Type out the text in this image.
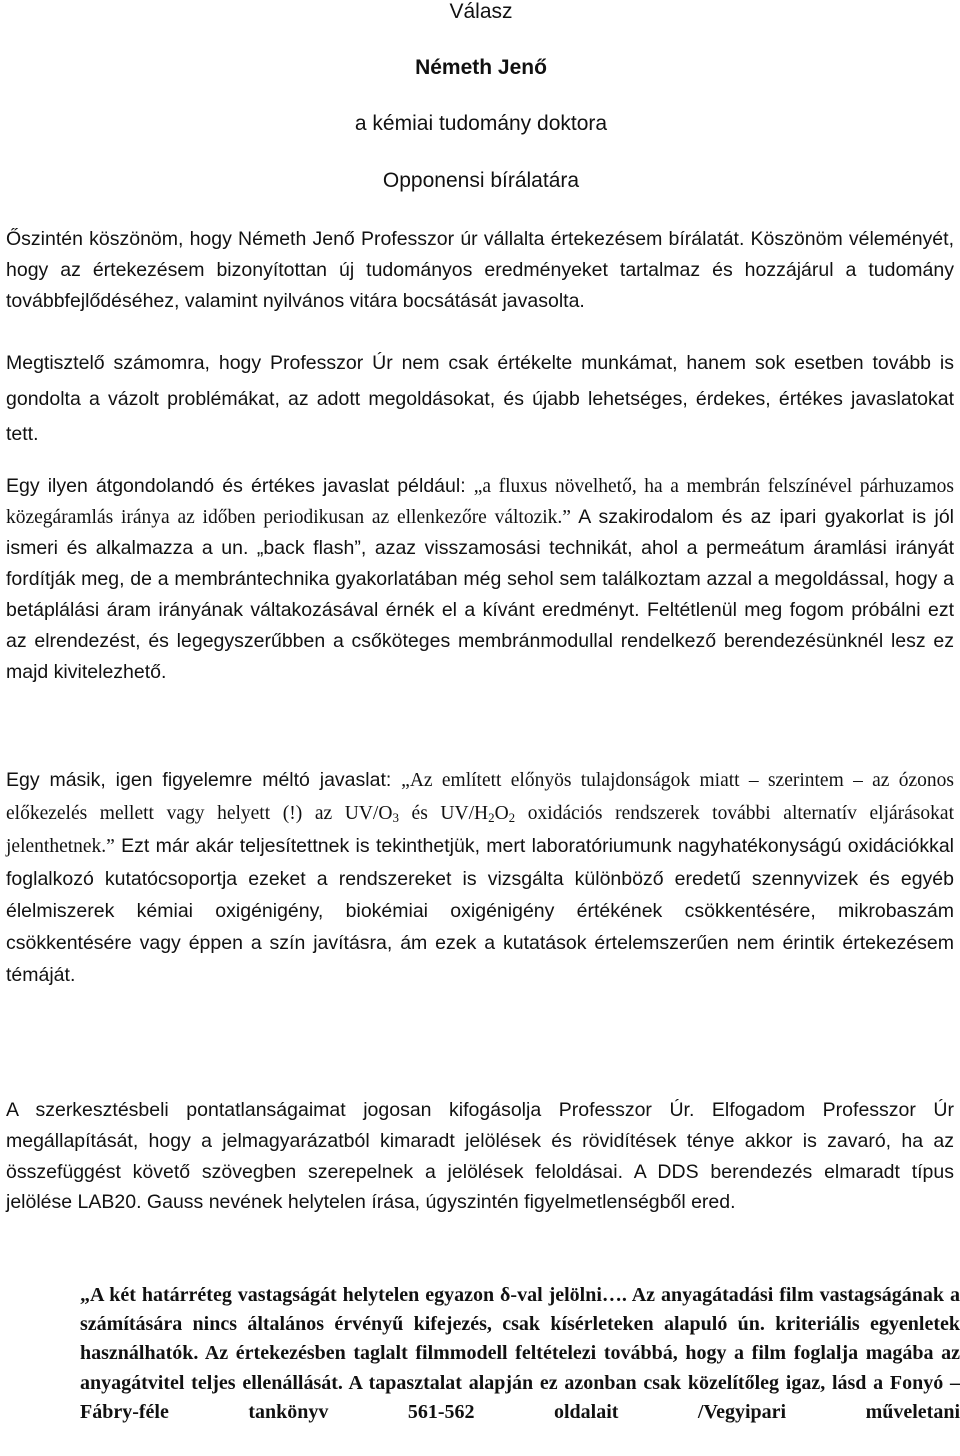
Válasz
Németh Jenő
a kémiai tudomány doktora
Opponensi bírálatára
Őszintén köszönöm, hogy Németh Jenő Professzor úr vállalta értekezésem bírálatát. Köszönöm véleményét, hogy az értekezésem bizonyítottan új tudományos eredményeket tartalmaz és hozzájárul a tudomány továbbfejlődéséhez, valamint nyilvános vitára bocsátását javasolta.
Megtisztelő számomra, hogy Professzor Úr nem csak értékelte munkámat, hanem sok esetben tovább is gondolta a vázolt problémákat, az adott megoldásokat, és újabb lehetséges, érdekes, értékes javaslatokat tett.
Egy ilyen átgondolandó és értékes javaslat például: „a fluxus növelhető, ha a membrán felszínével párhuzamos közegáramlás iránya az időben periodikusan az ellenkezőre változik.” A szakirodalom és az ipari gyakorlat is jól ismeri és alkalmazza a un. „back flash”, azaz visszamosási technikát, ahol a permeátum áramlási irányát fordítják meg, de a membrántechnika gyakorlatában még sehol sem találkoztam azzal a megoldással, hogy a betáplálási áram irányának váltakozásával érnék el a kívánt eredményt. Feltétlenül meg fogom próbálni ezt az elrendezést, és legegyszerűbben a csőköteges membránmodullal rendelkező berendezésünknél lesz ez majd kivitelezhető.
Egy másik, igen figyelemre méltó javaslat: „Az említett előnyös tulajdonságok miatt – szerintem – az ózonos előkezelés mellett vagy helyett (!) az $UV/O_3$ és $UV/H_2O_2$ oxidációs rendszerek további alternatív eljárásokat jelenthetnek.” Ezt már akár teljesítettnek is tekinthetjük, mert laboratóriumunk nagyhatékonyságú oxidációkkal foglalkozó kutatócsoportja ezeket a rendszereket is vizsgálta különböző eredetű szennyvizek és egyéb élelmiszerek kémiai oxigénigény, biokémiai oxigénigény értékének csökkentésére, mikrobaszám csökkentésére vagy éppen a szín javításra, ám ezek a kutatások értelemszerűen nem érintik értekezésem témáját.
A szerkesztésbeli pontatlanságaimat jogosan kifogásolja Professzor Úr. Elfogadom Professzor Úr megállapítását, hogy a jelmagyarázatból kimaradt jelölések és rövidítések ténye akkor is zavaró, ha az összefüggést követő szövegben szerepelnek a jelölések feloldásai. A DDS berendezés elmaradt típus jelölése LAB20. Gauss nevének helytelen írása, úgyszintén figyelmetlenségből ered.
„A két határréteg vastagságát helytelen egyazon δ-val jelölni…. Az anyagátadási film vastagságának a számítására nincs általános érvényű kifejezés, csak kísérleteken alapuló ún. kriteriális egyenletek használhatók. Az értekezésben taglalt filmmodell feltételezi továbbá, hogy a film foglalja magába az anyagátvitel teljes ellenállását. A tapasztalat alapján ez azonban csak közelítőleg igaz, lásd a Fonyó – Fábry-féle tankönyv 561-562 oldalait /Vegyipari műveletani
